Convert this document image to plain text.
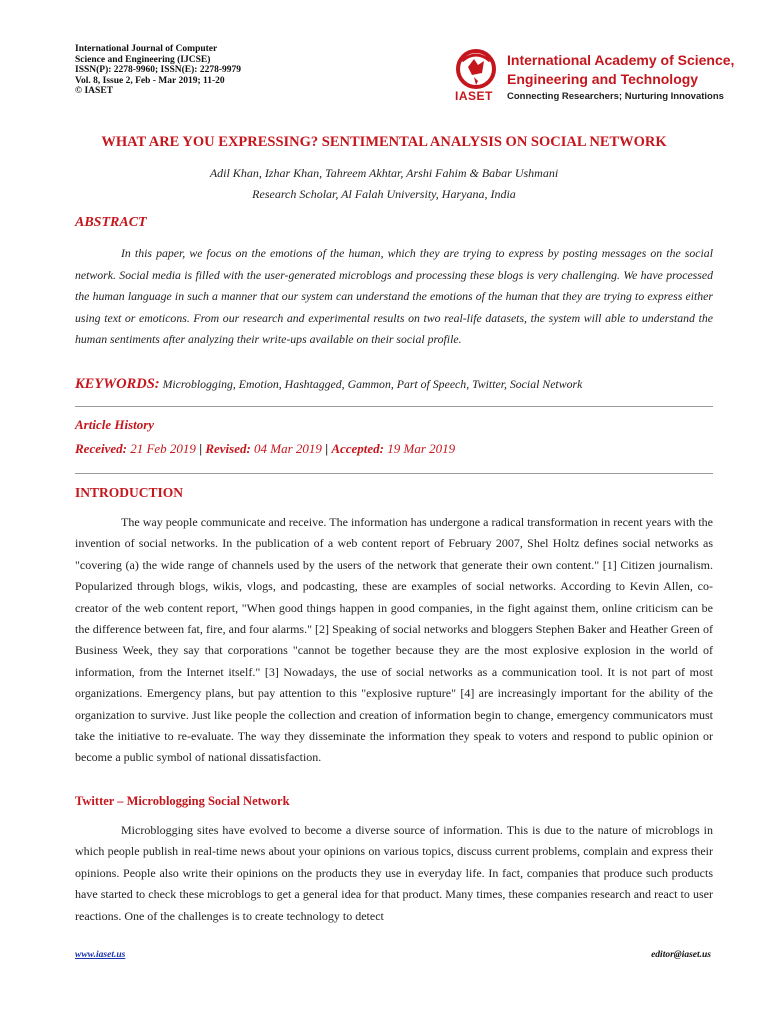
International Journal of Computer
Science and Engineering (IJCSE)
ISSN(P): 2278-9960; ISSN(E): 2278-9979
Vol. 8, Issue 2, Feb - Mar 2019; 11-20
© IASET	IASET
International Academy of Science,
Engineering and Technology
Connecting Researchers; Nurturing Innovations
WHAT ARE YOU EXPRESSING? SENTIMENTAL ANALYSIS ON SOCIAL NETWORK
Adil Khan, Izhar Khan, Tahreem Akhtar, Arshi Fahim & Babar Ushmani
Research Scholar, Al Falah University, Haryana, India
ABSTRACT

In this paper, we focus on the emotions of the human, which they are trying to express by posting messages on the social network. Social media is filled with the user-generated microblogs and processing these blogs is very challenging. We have processed the human language in such a manner that our system can understand the emotions of the human that they are trying to express either using text or emoticons. From our research and experimental results on two real-life datasets, the system will able to understand the human sentiments after analyzing their write-ups available on their social profile.

KEYWORDS: Microblogging, Emotion, Hashtagged, Gammon, Part of Speech, Twitter, Social Network
Article History
Received: 21 Feb 2019 | Revised: 04 Mar 2019 | Accepted: 19 Mar 2019
INTRODUCTION

The way people communicate and receive. The information has undergone a radical transformation in recent years with the invention of social networks. In the publication of a web content report of February 2007, Shel Holtz defines social networks as "covering (a) the wide range of channels used by the users of the network that generate their own content." [1] Citizen journalism. Popularized through blogs, wikis, vlogs, and podcasting, these are examples of social networks. According to Kevin Allen, co-creator of the web content report, "When good things happen in good companies, in the fight against them, online criticism can be the difference between fat, fire, and four alarms." [2] Speaking of social networks and bloggers Stephen Baker and Heather Green of Business Week, they say that corporations "cannot be together because they are the most explosive explosion in the world of information, from the Internet itself." [3] Nowadays, the use of social networks as a communication tool. It is not part of most organizations. Emergency plans, but pay attention to this "explosive rupture" [4] are increasingly important for the ability of the organization to survive. Just like people the collection and creation of information begin to change, emergency communicators must take the initiative to re-evaluate. The way they disseminate the information they speak to voters and respond to public opinion or become a public symbol of national dissatisfaction.

Twitter – Microblogging Social Network

Microblogging sites have evolved to become a diverse source of information. This is due to the nature of microblogs in which people publish in real-time news about your opinions on various topics, discuss current problems, complain and express their opinions. People also write their opinions on the products they use in everyday life. In fact, companies that produce such products have started to check these microblogs to get a general idea for that product. Many times, these companies research and react to user reactions. One of the challenges is to create technology to detect

www.iaset.us	editor@iaset.us
